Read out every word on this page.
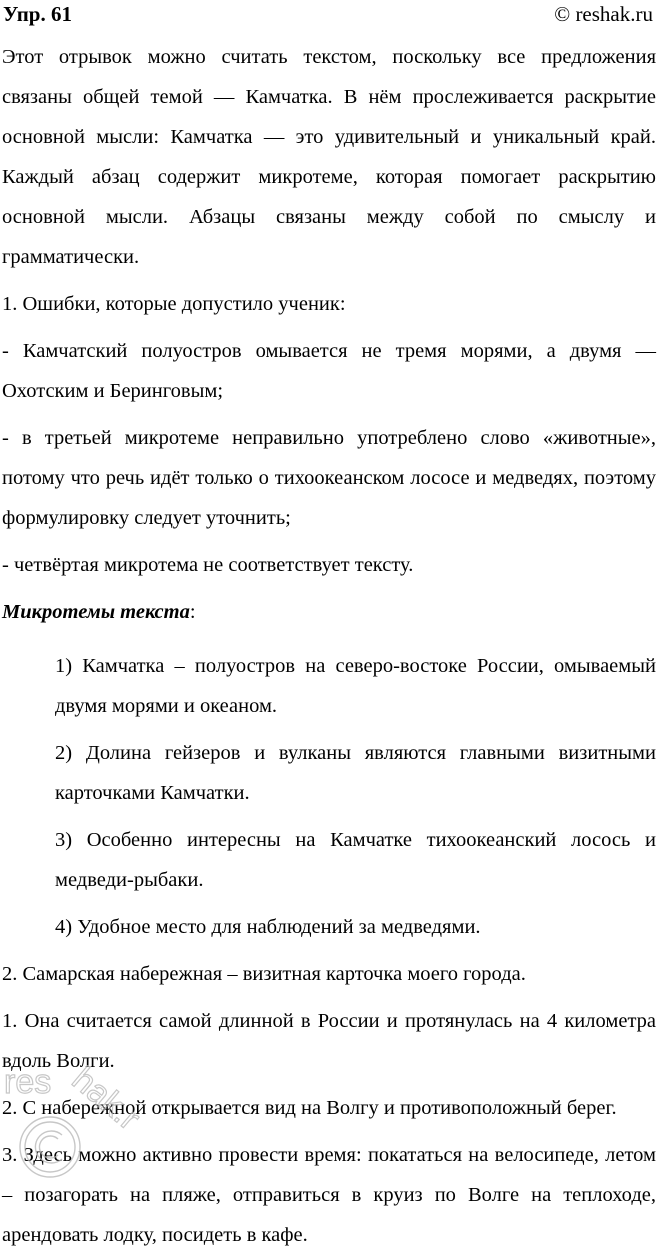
Упр. 61	© reshak.ru

Этот отрывок можно считать текстом, поскольку все предложения связаны общей темой — Камчатка. В нём прослеживается раскрытие основной мысли: Камчатка — это удивительный и уникальный край. Каждый абзац содержит микротеме, которая помогает раскрытию основной мысли. Абзацы связаны между собой по смыслу и грамматически.

1. Ошибки, которые допустило ученик:

- Камчатский полуостров омывается не тремя морями, а двумя — Охотским и Беринговым;

- в третьей микротеме неправильно употреблено слово «животные», потому что речь идёт только о тихоокеанском лососе и медведях, поэтому формулировку следует уточнить;

- четвёртая микротема не соответствует тексту.

Микротемы текста:

1) Камчатка – полуостров на северо-востоке России, омываемый двумя морями и океаном.

2) Долина гейзеров и вулканы являются главными визитными карточками Камчатки.

3) Особенно интересны на Камчатке тихоокеанский лосось и медведи-рыбаки.

4) Удобное место для наблюдений за медведями.

2. Самарская набережная – визитная карточка моего города.

1. Она считается самой длинной в России и протянулась на 4 километра вдоль Волги.

2. С набережной открывается вид на Волгу и противоположный берег.

3. Здесь можно активно провести время: покататься на велосипеде, летом – позагорать на пляже, отправиться в круиз по Волге на теплоходе, арендовать лодку, посидеть в кафе.

res hak.r
